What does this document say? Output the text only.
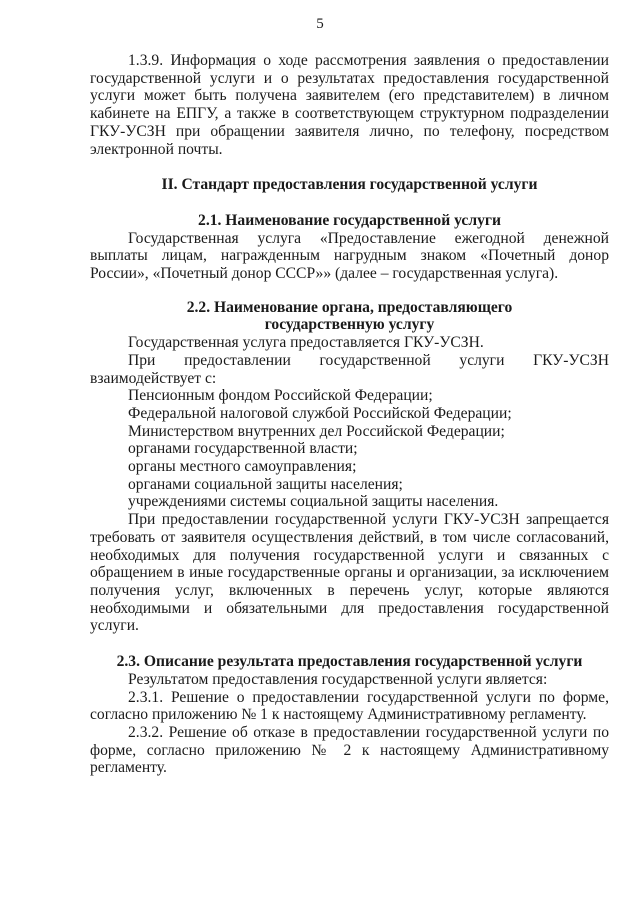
5

1.3.9. Информация о ходе рассмотрения заявления о предоставлении государственной услуги и о результатах предоставления государственной услуги может быть получена заявителем (его представителем) в личном кабинете на ЕПГУ, а также в соответствующем структурном подразделении ГКУ-УСЗН при обращении заявителя лично, по телефону, посредством электронной почты.

II. Стандарт предоставления государственной услуги
2.1. Наименование государственной услуги

Государственная услуга «Предоставление ежегодной денежной выплаты лицам, награжденным нагрудным знаком «Почетный донор России», «Почетный донор СССР»» (далее – государственная услуга).

2.2. Наименование органа, предоставляющего государственную услугу

Государственная услуга предоставляется ГКУ-УСЗН.

При предоставлении государственной услуги ГКУ-УСЗН

взаимодействует с:

Пенсионным фондом Российской Федерации;

Федеральной налоговой службой Российской Федерации;

Министерством внутренних дел Российской Федерации;

органами государственной власти;

органы местного самоуправления;

органами социальной защиты населения;

учреждениями системы социальной защиты населения.

При предоставлении государственной услуги ГКУ-УСЗН запрещается требовать от заявителя осуществления действий, в том числе согласований, необходимых для получения государственной услуги и связанных с обращением в иные государственные органы и организации, за исключением получения услуг, включенных в перечень услуг, которые являются необходимыми и обязательными для предоставления государственной услуги.

2.3. Описание результата предоставления государственной услуги

Результатом предоставления государственной услуги является:

2.3.1. Решение о предоставлении государственной услуги по форме, согласно приложению № 1 к настоящему Административному регламенту.

2.3.2. Решение об отказе в предоставлении государственной услуги по форме, согласно приложению № 2 к настоящему Административному регламенту.
